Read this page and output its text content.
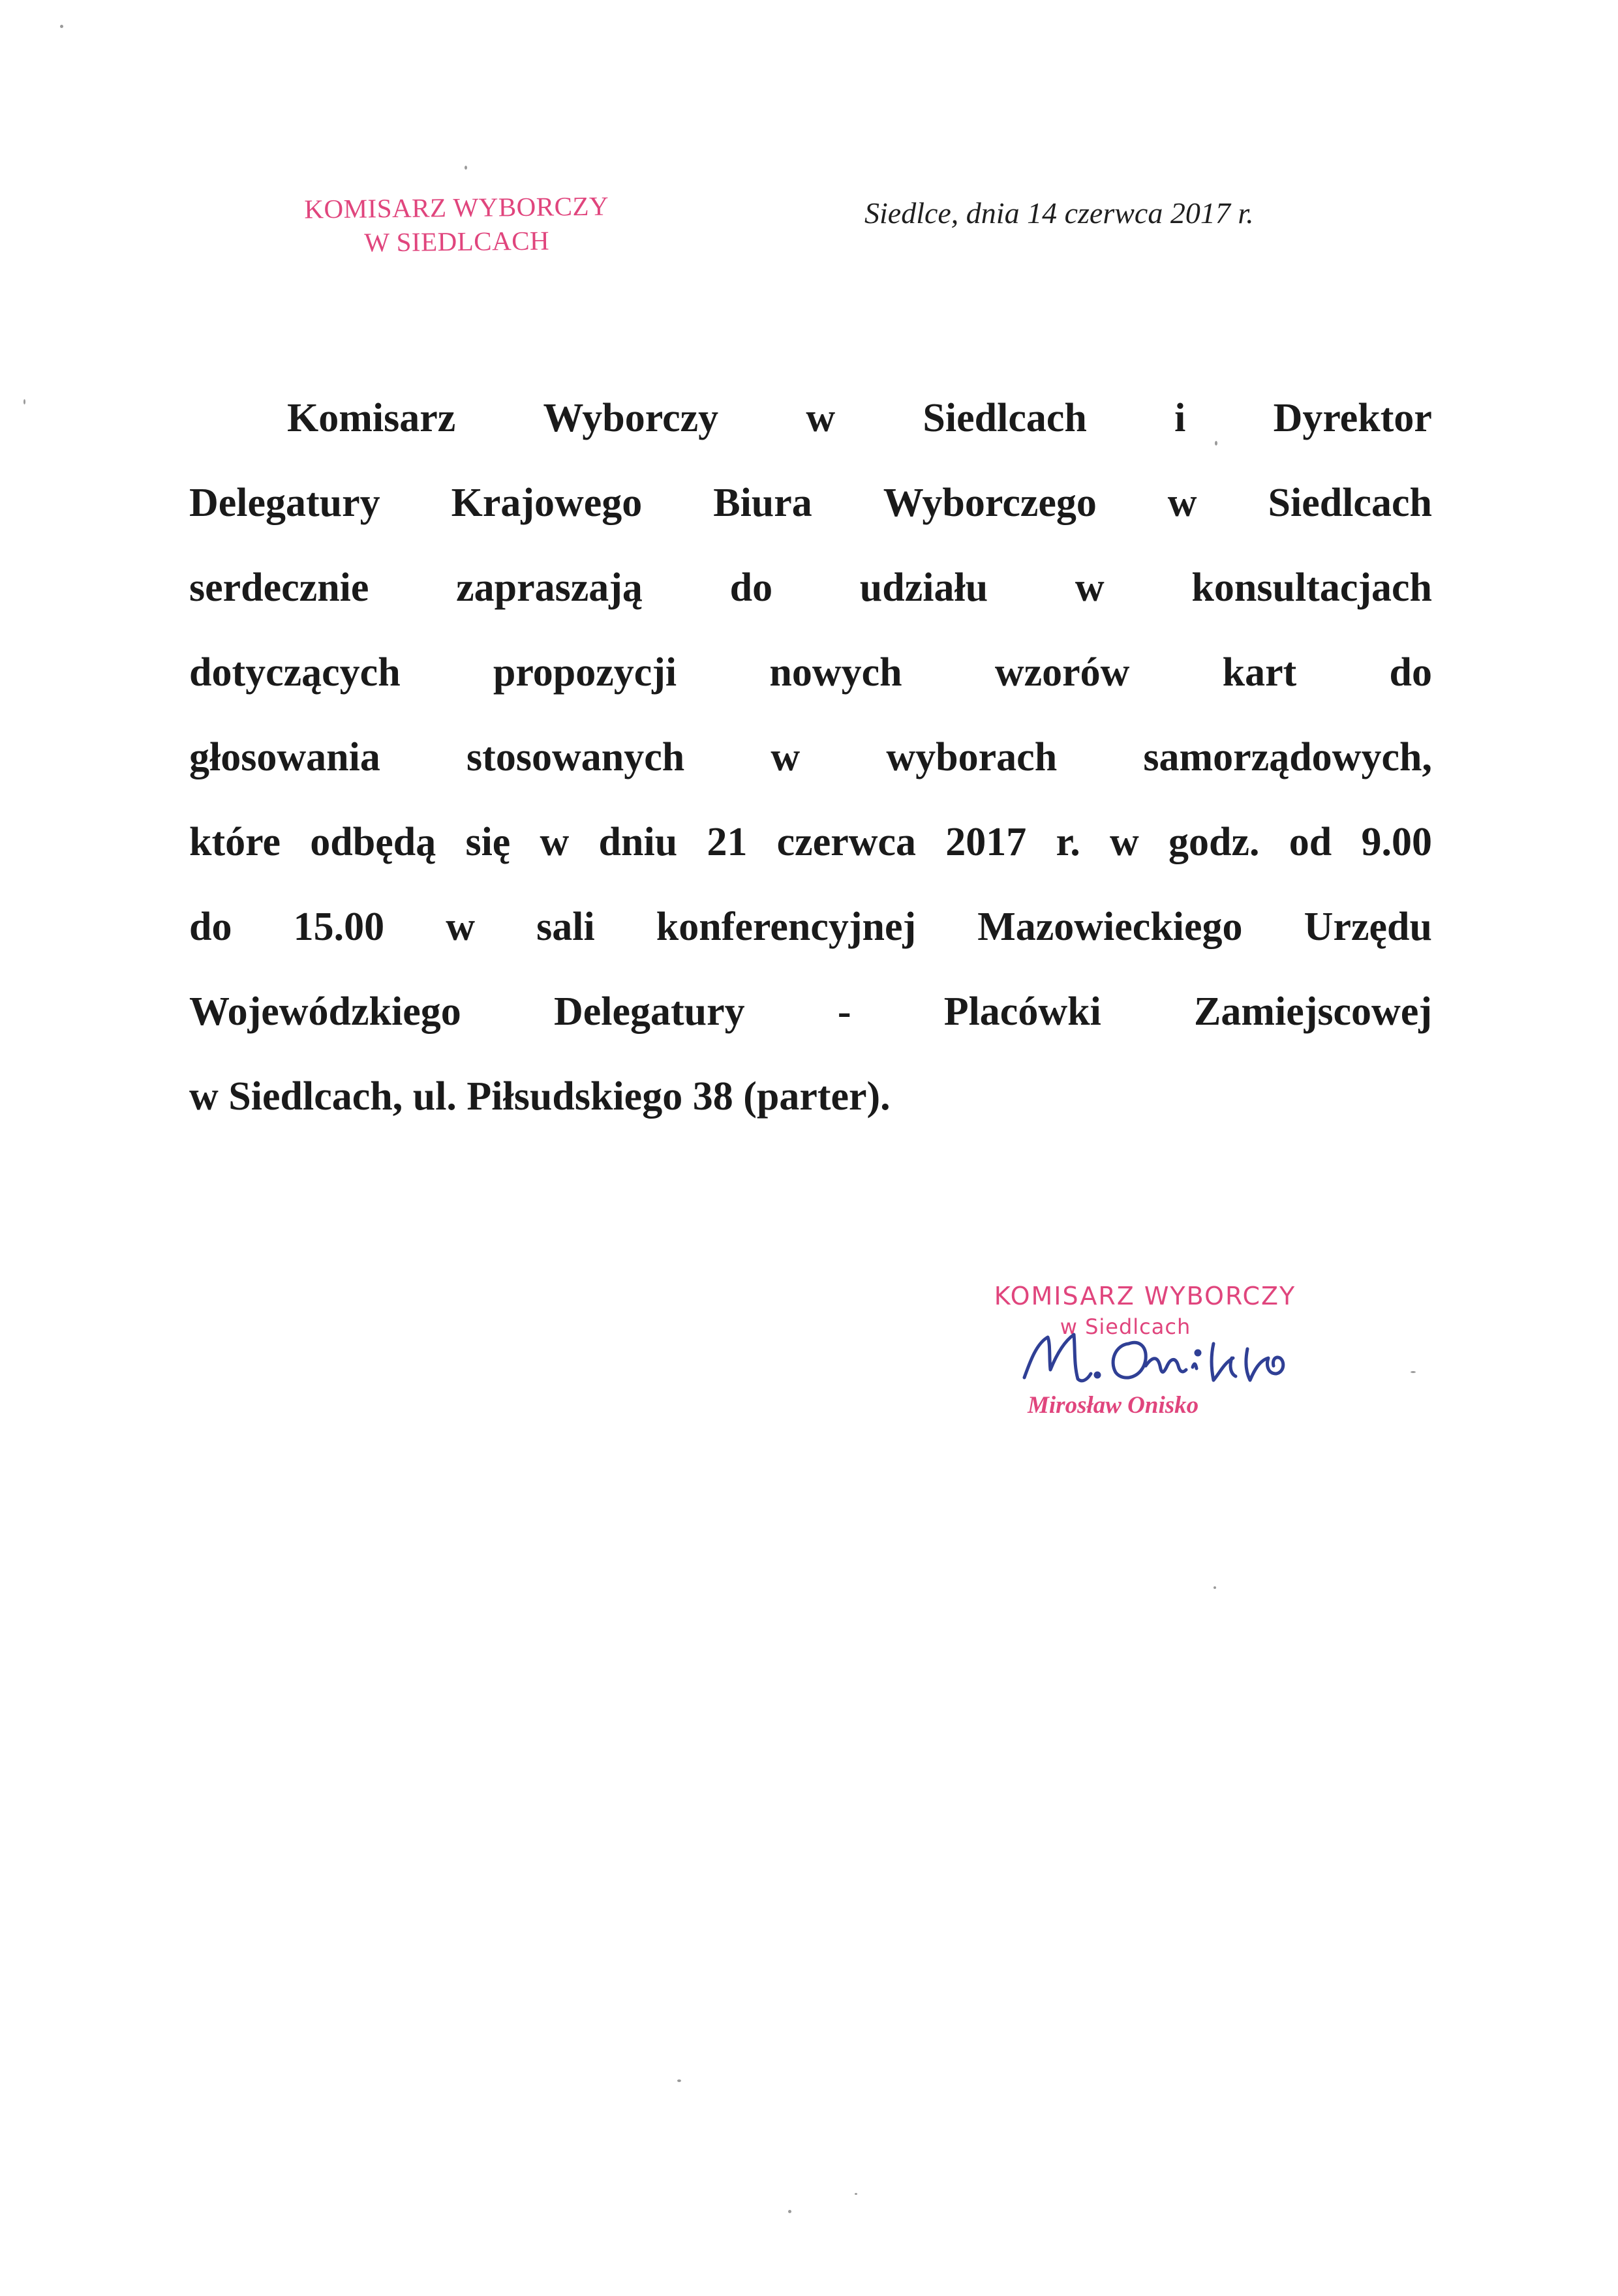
KOMISARZ WYBORCZY
W SIEDLCACH
Siedlce, dnia 14 czerwca 2017 r.
Komisarz Wyborczy w Siedlcach i Dyrektor
Delegatury Krajowego Biura Wyborczego w Siedlcach
serdecznie zapraszają do udziału w konsultacjach
dotyczących propozycji nowych wzorów kart do
głosowania stosowanych w wyborach samorządowych,
które odbędą się w dniu 21 czerwca 2017 r. w godz. od 9.00
do 15.00 w sali konferencyjnej Mazowieckiego Urzędu
Wojewódzkiego Delegatury - Placówki Zamiejscowej
w Siedlcach, ul. Piłsudskiego 38 (parter).
KOMISARZ WYBORCZY
w Siedlcach
Mirosław Onisko
